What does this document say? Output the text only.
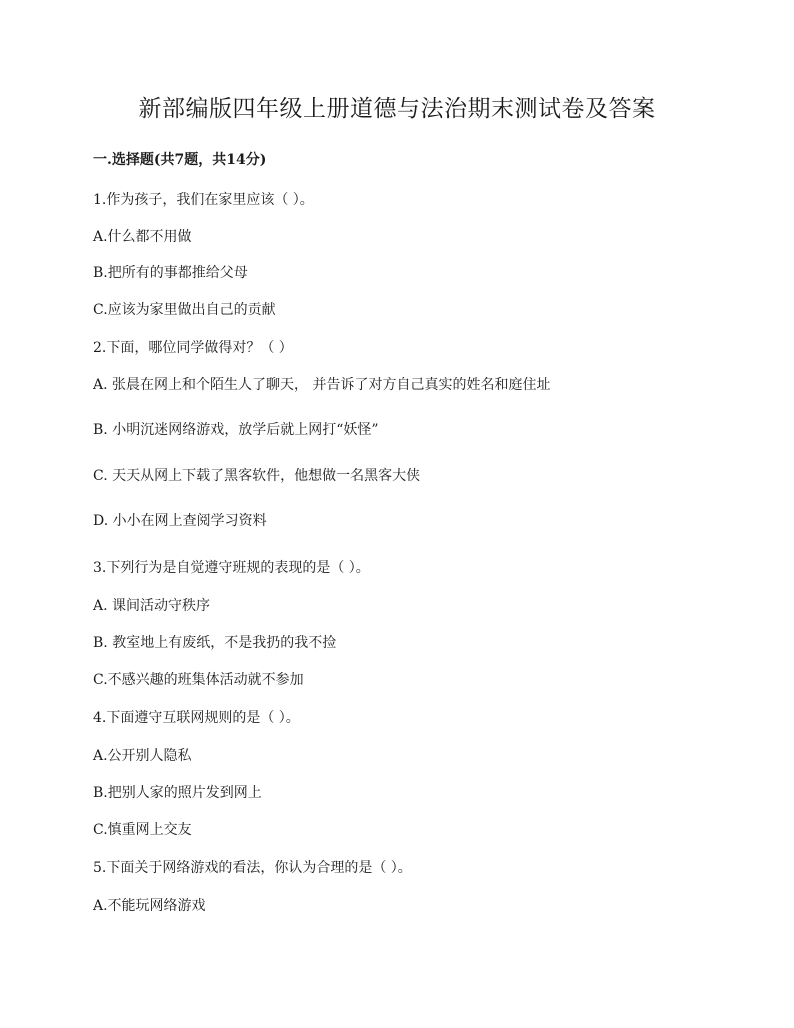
新部编版四年级上册道德与法治期末测试卷及答案

一.选择题(共7题，共14分)

1.作为孩子，我们在家里应该（ ）。

A.什么都不用做

B.把所有的事都推给父母

C.应该为家里做出自己的贡献

2.下面，哪位同学做得对？（ ）

A. 张晨在网上和个陌生人了聊天， 并告诉了对方自己真实的姓名和庭住址

B. 小明沉迷网络游戏，放学后就上网打“妖怪”

C. 天天从网上下载了黑客软件，他想做一名黑客大侠

D. 小小在网上查阅学习资料

3.下列行为是自觉遵守班规的表现的是（ ）。

A. 课间活动守秩序

B. 教室地上有废纸，不是我扔的我不捡

C.不感兴趣的班集体活动就不参加

4.下面遵守互联网规则的是（ ）。

A.公开别人隐私

B.把别人家的照片发到网上

C.慎重网上交友

5.下面关于网络游戏的看法，你认为合理的是（ ）。

A.不能玩网络游戏
